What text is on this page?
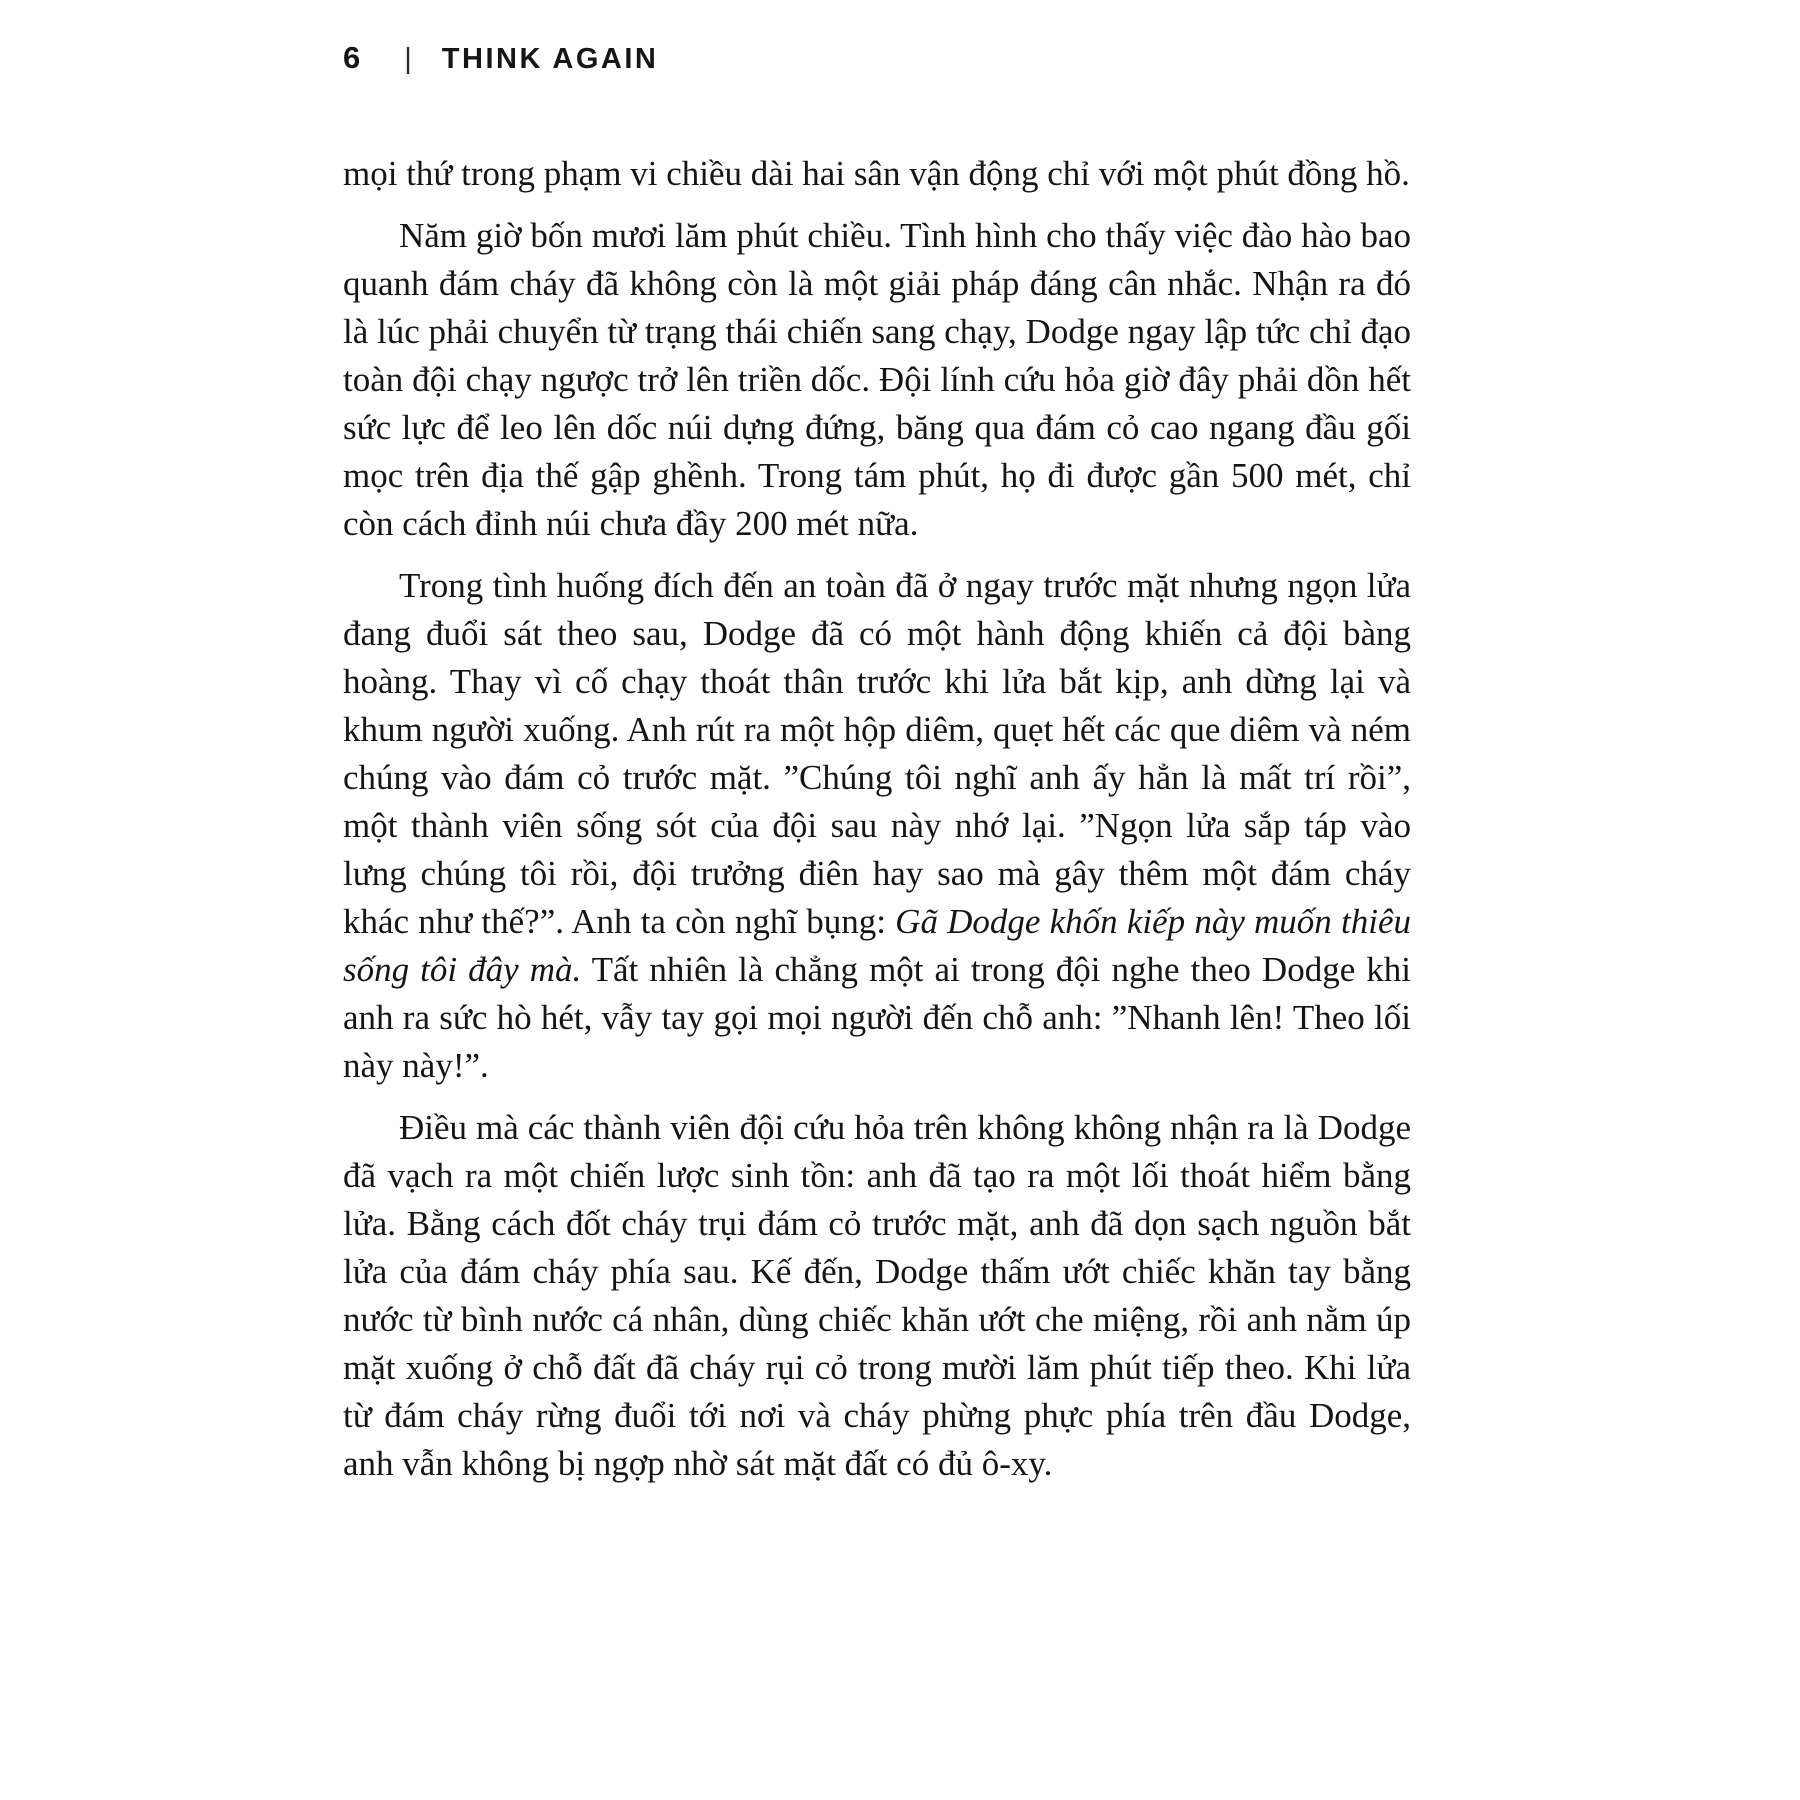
6 | THINK AGAIN

mọi thứ trong phạm vi chiều dài hai sân vận động chỉ với một phút đồng hồ.

Năm giờ bốn mươi lăm phút chiều. Tình hình cho thấy việc đào hào bao quanh đám cháy đã không còn là một giải pháp đáng cân nhắc. Nhận ra đó là lúc phải chuyển từ trạng thái chiến sang chạy, Dodge ngay lập tức chỉ đạo toàn đội chạy ngược trở lên triền dốc. Đội lính cứu hỏa giờ đây phải dồn hết sức lực để leo lên dốc núi dựng đứng, băng qua đám cỏ cao ngang đầu gối mọc trên địa thế gập ghềnh. Trong tám phút, họ đi được gần 500 mét, chỉ còn cách đỉnh núi chưa đầy 200 mét nữa.

Trong tình huống đích đến an toàn đã ở ngay trước mặt nhưng ngọn lửa đang đuổi sát theo sau, Dodge đã có một hành động khiến cả đội bàng hoàng. Thay vì cố chạy thoát thân trước khi lửa bắt kịp, anh dừng lại và khum người xuống. Anh rút ra một hộp diêm, quẹt hết các que diêm và ném chúng vào đám cỏ trước mặt. ”Chúng tôi nghĩ anh ấy hẳn là mất trí rồi”, một thành viên sống sót của đội sau này nhớ lại. ”Ngọn lửa sắp táp vào lưng chúng tôi rồi, đội trưởng điên hay sao mà gây thêm một đám cháy khác như thế?”. Anh ta còn nghĩ bụng: Gã Dodge khốn kiếp này muốn thiêu sống tôi đây mà. Tất nhiên là chẳng một ai trong đội nghe theo Dodge khi anh ra sức hò hét, vẫy tay gọi mọi người đến chỗ anh: ”Nhanh lên! Theo lối này này!”.

Điều mà các thành viên đội cứu hỏa trên không không nhận ra là Dodge đã vạch ra một chiến lược sinh tồn: anh đã tạo ra một lối thoát hiểm bằng lửa. Bằng cách đốt cháy trụi đám cỏ trước mặt, anh đã dọn sạch nguồn bắt lửa của đám cháy phía sau. Kế đến, Dodge thấm ướt chiếc khăn tay bằng nước từ bình nước cá nhân, dùng chiếc khăn ướt che miệng, rồi anh nằm úp mặt xuống ở chỗ đất đã cháy rụi cỏ trong mười lăm phút tiếp theo. Khi lửa từ đám cháy rừng đuổi tới nơi và cháy phừng phực phía trên đầu Dodge, anh vẫn không bị ngợp nhờ sát mặt đất có đủ ô-xy.
